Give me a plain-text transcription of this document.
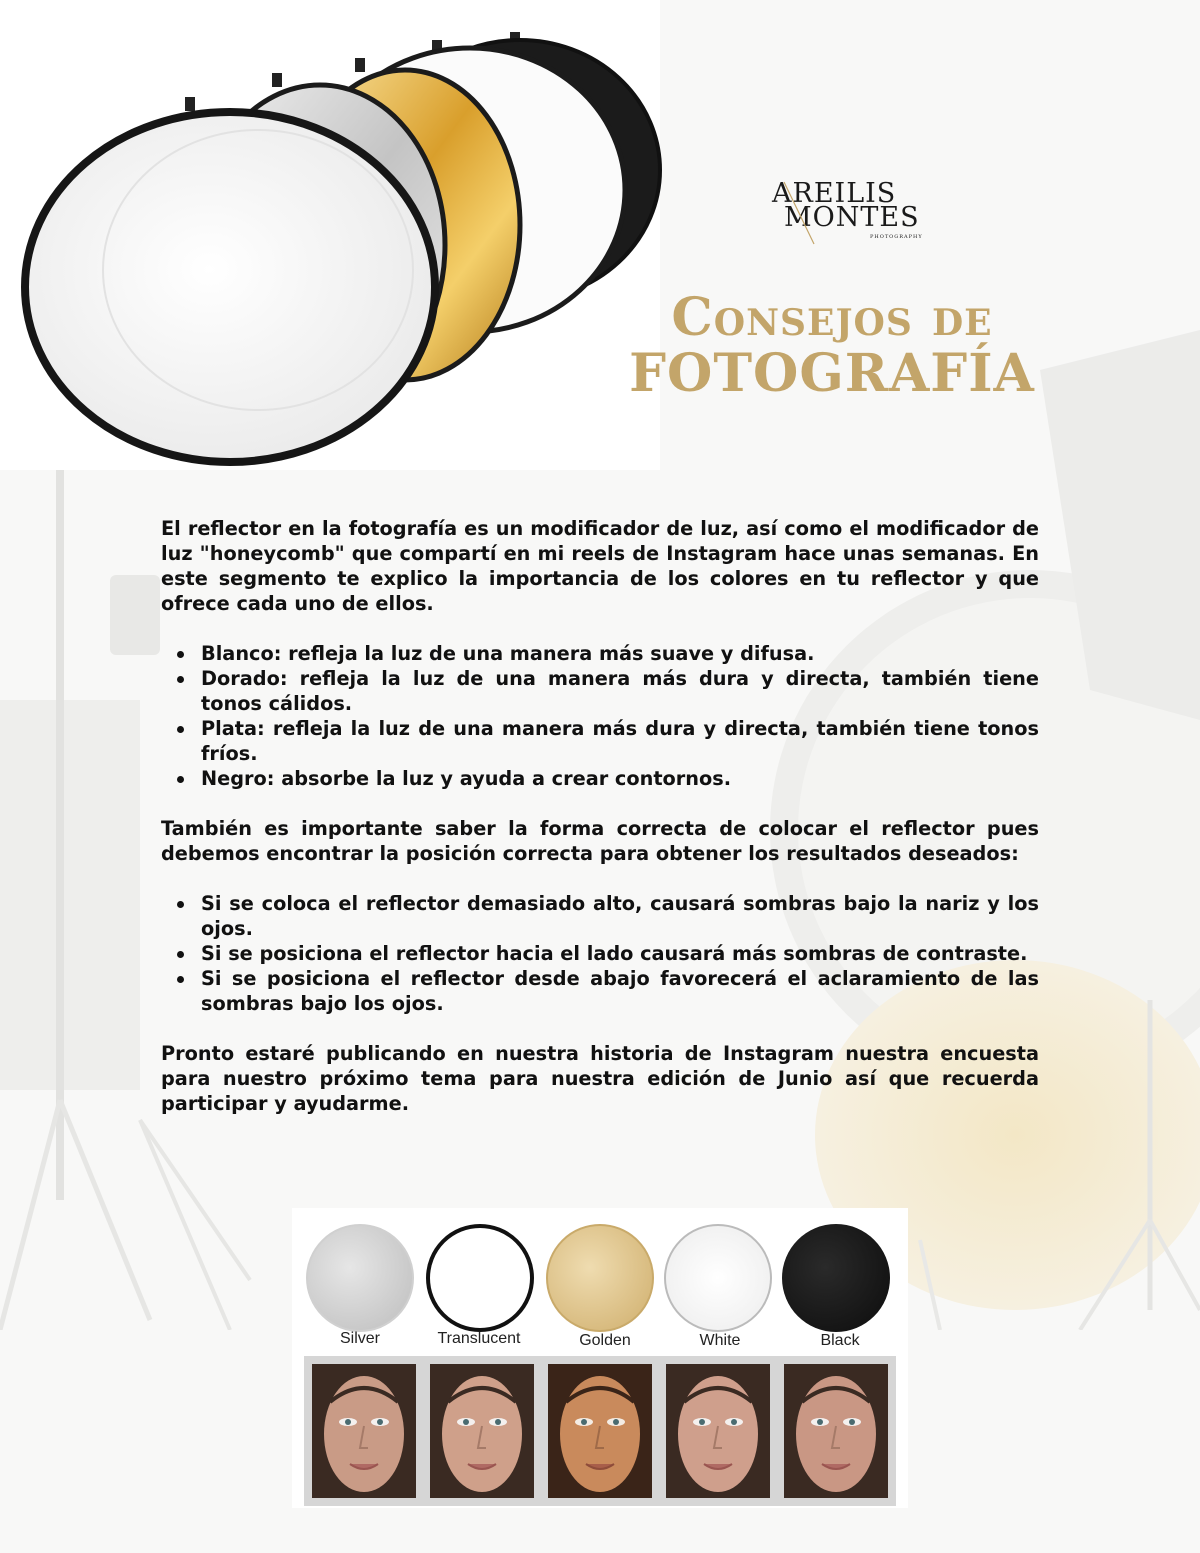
AREILIS
MONTES
PHOTOGRAPHY
Consejos de
FOTOGRAFÍA

El reflector en la fotografía es un modificador de luz, así como el modificador de luz "honeycomb" que compartí en mi reels de Instagram hace unas semanas. En este segmento te explico la importancia de los colores en tu reflector y que ofrece cada uno de ellos.

Blanco: refleja la luz de una manera más suave y difusa.
Dorado: refleja la luz de una manera más dura y directa, también tiene tonos cálidos.
Plata: refleja la luz de una manera más dura y directa, también tiene tonos fríos.
Negro: absorbe la luz y ayuda a crear contornos.

También es importante saber la forma correcta de colocar el reflector pues debemos encontrar la posición correcta para obtener los resultados deseados:

Si se coloca el reflector demasiado alto, causará sombras bajo la nariz y los ojos.
Si se posiciona el reflector hacia el lado causará más sombras de contraste.
Si se posiciona el reflector desde abajo favorecerá el aclaramiento de las sombras bajo los ojos.

Pronto estaré publicando en nuestra historia de Instagram nuestra encuesta para nuestro próximo tema para nuestra edición de Junio así que recuerda participar y ayudarme.

Silver	Translucent	Golden	White	Black
